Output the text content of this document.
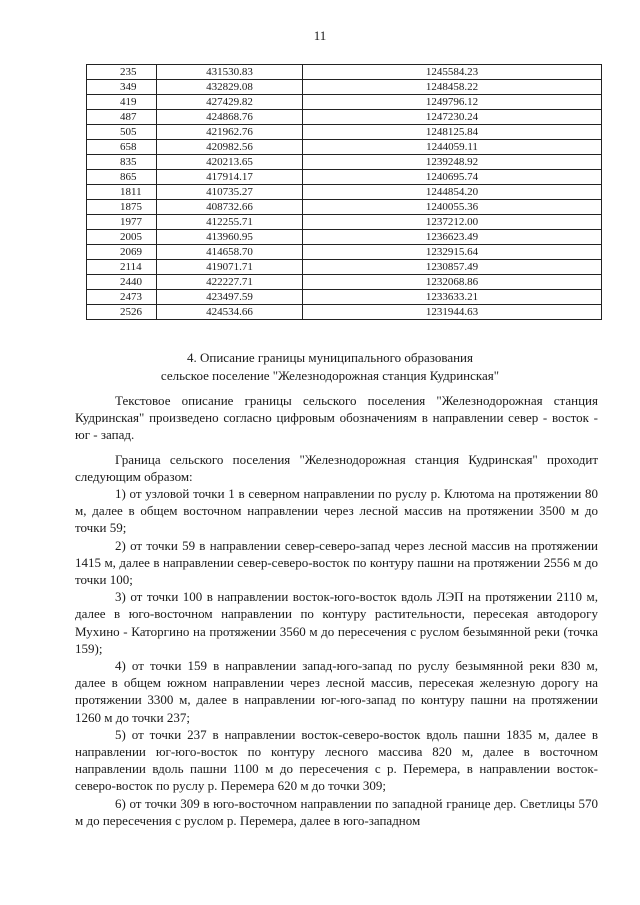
11
235	431530.83	1245584.23
349	432829.08	1248458.22
419	427429.82	1249796.12
487	424868.76	1247230.24
505	421962.76	1248125.84
658	420982.56	1244059.11
835	420213.65	1239248.92
865	417914.17	1240695.74
1811	410735.27	1244854.20
1875	408732.66	1240055.36
1977	412255.71	1237212.00
2005	413960.95	1236623.49
2069	414658.70	1232915.64
2114	419071.71	1230857.49
2440	422227.71	1232068.86
2473	423497.59	1233633.21
2526	424534.66	1231944.63
4. Описание границы муниципального образования
сельское поселение "Железнодорожная станция Кудринская"

Текстовое описание границы сельского поселения "Железнодорожная станция Кудринская" произведено согласно цифровым обозначениям в направлении север - восток - юг - запад.

Граница сельского поселения "Железнодорожная станция Кудринская" проходит следующим образом:

1) от узловой точки 1 в северном направлении по руслу р. Клютома на протяжении 80 м, далее в общем восточном направлении через лесной массив на протяжении 3500 м до точки 59;

2) от точки 59 в направлении север-северо-запад через лесной массив на протяжении 1415 м, далее в направлении север-северо-восток по контуру пашни на протяжении 2556 м до точки 100;

3) от точки 100 в направлении восток-юго-восток вдоль ЛЭП на протяжении 2110 м, далее в юго-восточном направлении по контуру растительности, пересекая автодорогу Мухино - Каторгино на протяжении 3560 м до пересечения с руслом безымянной реки (точка 159);

4) от точки 159 в направлении запад-юго-запад по руслу безымянной реки 830 м, далее в общем южном направлении через лесной массив, пересекая железную дорогу на протяжении 3300 м, далее в направлении юг-юго-запад по контуру пашни на протяжении 1260 м до точки 237;

5) от точки 237 в направлении восток-северо-восток вдоль пашни 1835 м, далее в направлении юг-юго-восток по контуру лесного массива 820 м, далее в восточном направлении вдоль пашни 1100 м до пересечения с р. Перемера, в направлении восток-северо-восток по руслу р. Перемера 620 м до точки 309;

6) от точки 309 в юго-восточном направлении по западной границе дер. Светлицы 570 м до пересечения с руслом р. Перемера, далее в юго-западном
